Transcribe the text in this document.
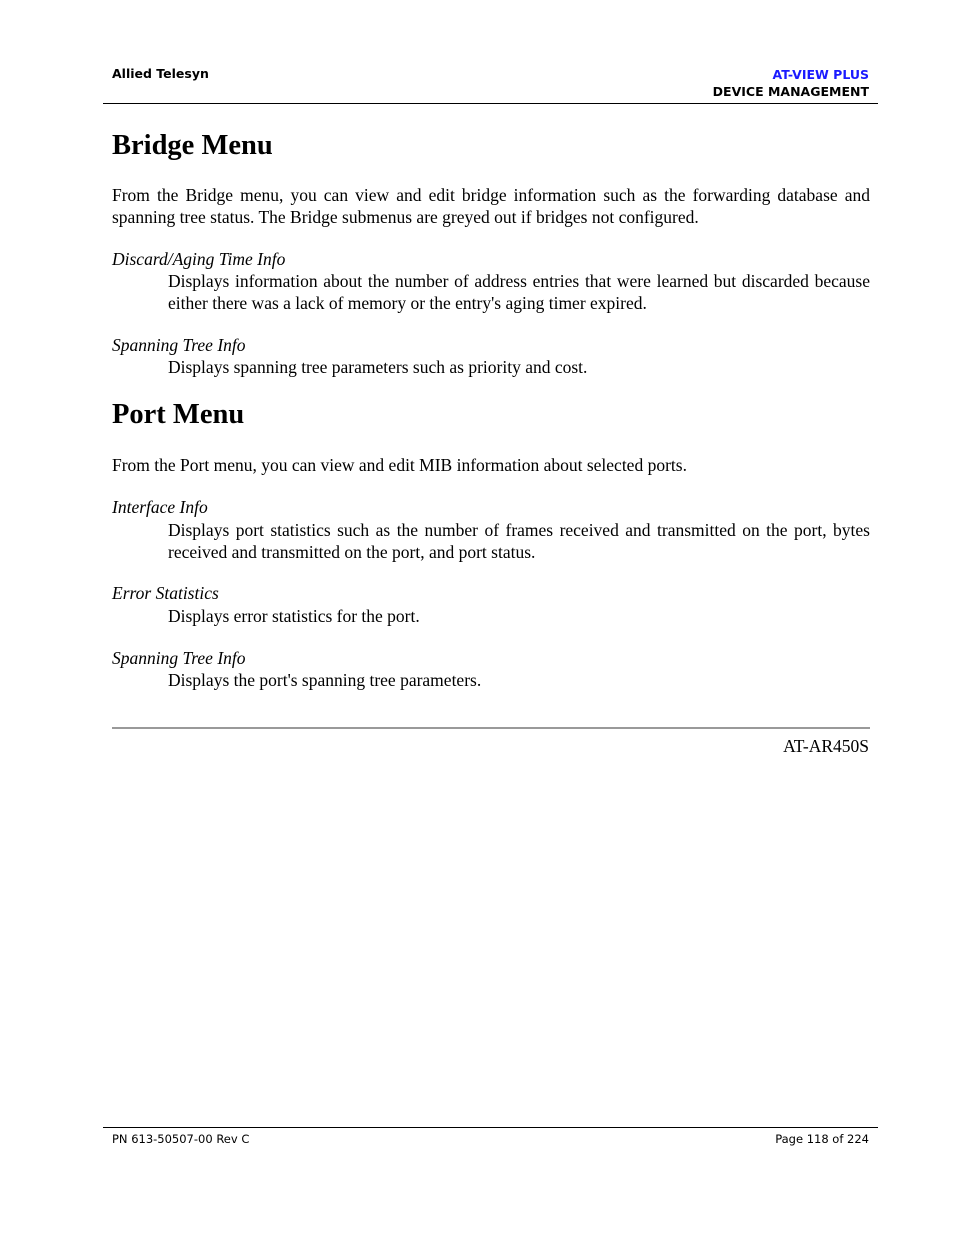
Allied Telesyn	AT-VIEW PLUS
DEVICE MANAGEMENT
Bridge Menu

From the Bridge menu, you can view and edit bridge information such as the forwarding database and spanning tree status. The Bridge submenus are greyed out if bridges not configured.

Discard/Aging Time Info

Displays information about the number of address entries that were learned but discarded because either there was a lack of memory or the entry's aging timer expired.

Spanning Tree Info

Displays spanning tree parameters such as priority and cost.

Port Menu

From the Port menu, you can view and edit MIB information about selected ports.

Interface Info

Displays port statistics such as the number of frames received and transmitted on the port, bytes received and transmitted on the port, and port status.

Error Statistics

Displays error statistics for the port.

Spanning Tree Info

Displays the port's spanning tree parameters.

AT-AR450S
PN 613-50507-00 Rev C	Page 118 of 224
